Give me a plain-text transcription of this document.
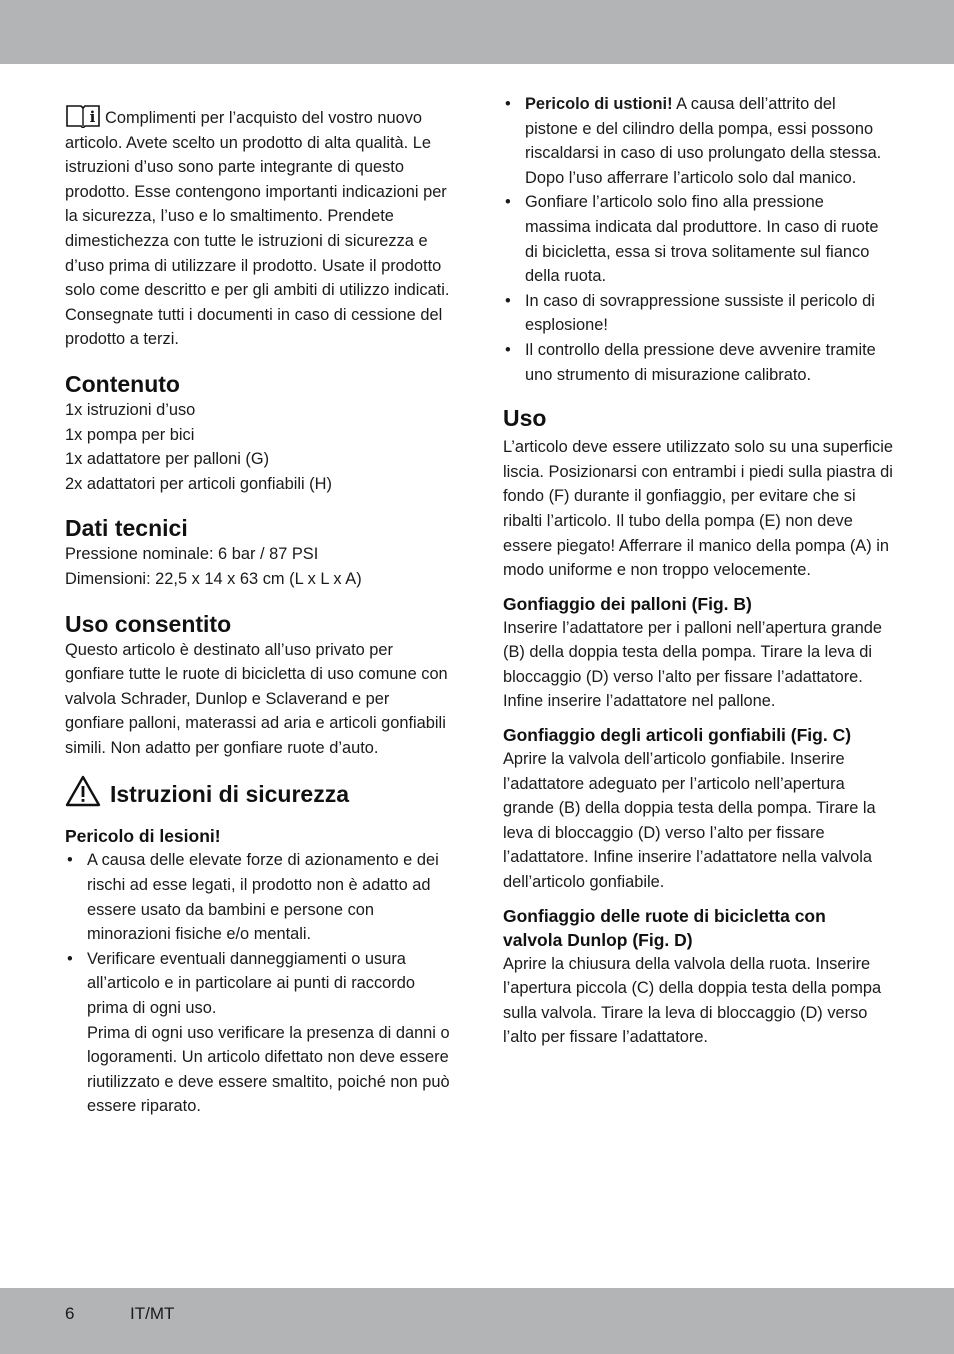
i Complimenti per l’acquisto del vostro nuovo articolo. Avete scelto un prodotto di alta qualità. Le istruzioni d’uso sono parte integrante di questo prodotto. Esse contengono importanti indicazioni per la sicurezza, l’uso e lo smaltimento. Prendete dimestichezza con tutte le istruzioni di sicurezza e d’uso prima di utilizzare il prodotto. Usate il prodotto solo come descritto e per gli ambiti di utilizzo indicati. Consegnate tutti i documenti in caso di cessione del prodotto a terzi.

Contenuto

1x istruzioni d’uso

1x pompa per bici

1x adattatore per palloni (G)

2x adattatori per articoli gonfiabili (H)

Dati tecnici

Pressione nominale: 6 bar / 87 PSI

Dimensioni: 22,5 x 14 x 63 cm (L x L x A)

Uso consentito

Questo articolo è destinato all’uso privato per gonfiare tutte le ruote di bicicletta di uso comune con valvola Schrader, Dunlop e Sclaverand e per gonfiare palloni, materassi ad aria e articoli gonfiabili simili. Non adatto per gonfiare ruote d’auto.

Istruzioni di sicurezza
Pericolo di lesioni!
• A causa delle elevate forze di azionamento e dei rischi ad esse legati, il prodotto non è adatto ad essere usato da bambini e persone con minorazioni fisiche e/o mentali.
• Verificare eventuali danneggiamenti o usura all’articolo e in particolare ai punti di raccordo prima di ogni uso.
Prima di ogni uso verificare la presenza di danni o logoramenti. Un articolo difettato non deve essere riutilizzato e deve essere smaltito, poiché non può essere riparato.
• Pericolo di ustioni! A causa dell’attrito del pistone e del cilindro della pompa, essi possono riscaldarsi in caso di uso prolungato della stessa. Dopo l’uso afferrare l’articolo solo dal manico.
• Gonfiare l’articolo solo fino alla pressione massima indicata dal produttore. In caso di ruote di bicicletta, essa si trova solitamente sul fianco della ruota.
• In caso di sovrappressione sussiste il pericolo di esplosione!
• Il controllo della pressione deve avvenire tramite uno strumento di misurazione calibrato.
Uso

L’articolo deve essere utilizzato solo su una superficie liscia. Posizionarsi con entrambi i piedi sulla piastra di fondo (F) durante il gonfiaggio, per evitare che si ribalti l’articolo. Il tubo della pompa (E) non deve essere piegato! Afferrare il manico della pompa (A) in modo uniforme e non troppo velocemente.

Gonfiaggio dei palloni (Fig. B)

Inserire l’adattatore per i palloni nell’apertura grande (B) della doppia testa della pompa. Tirare la leva di bloccaggio (D) verso l’alto per fissare l’adattatore. Infine inserire l’adattatore nel pallone.

Gonfiaggio degli articoli gonfiabili (Fig. C)

Aprire la valvola dell’articolo gonfiabile. Inserire l’adattatore adeguato per l’articolo nell’apertura grande (B) della doppia testa della pompa. Tirare la leva di bloccaggio (D) verso l’alto per fissare l’adattatore. Infine inserire l’adattatore nella valvola dell’articolo gonfiabile.

Gonfiaggio delle ruote di bicicletta con valvola Dunlop (Fig. D)

Aprire la chiusura della valvola della ruota. Inserire l’apertura piccola (C) della doppia testa della pompa sulla valvola. Tirare la leva di bloccaggio (D) verso l’alto per fissare l’adattatore.

6	IT/MT
